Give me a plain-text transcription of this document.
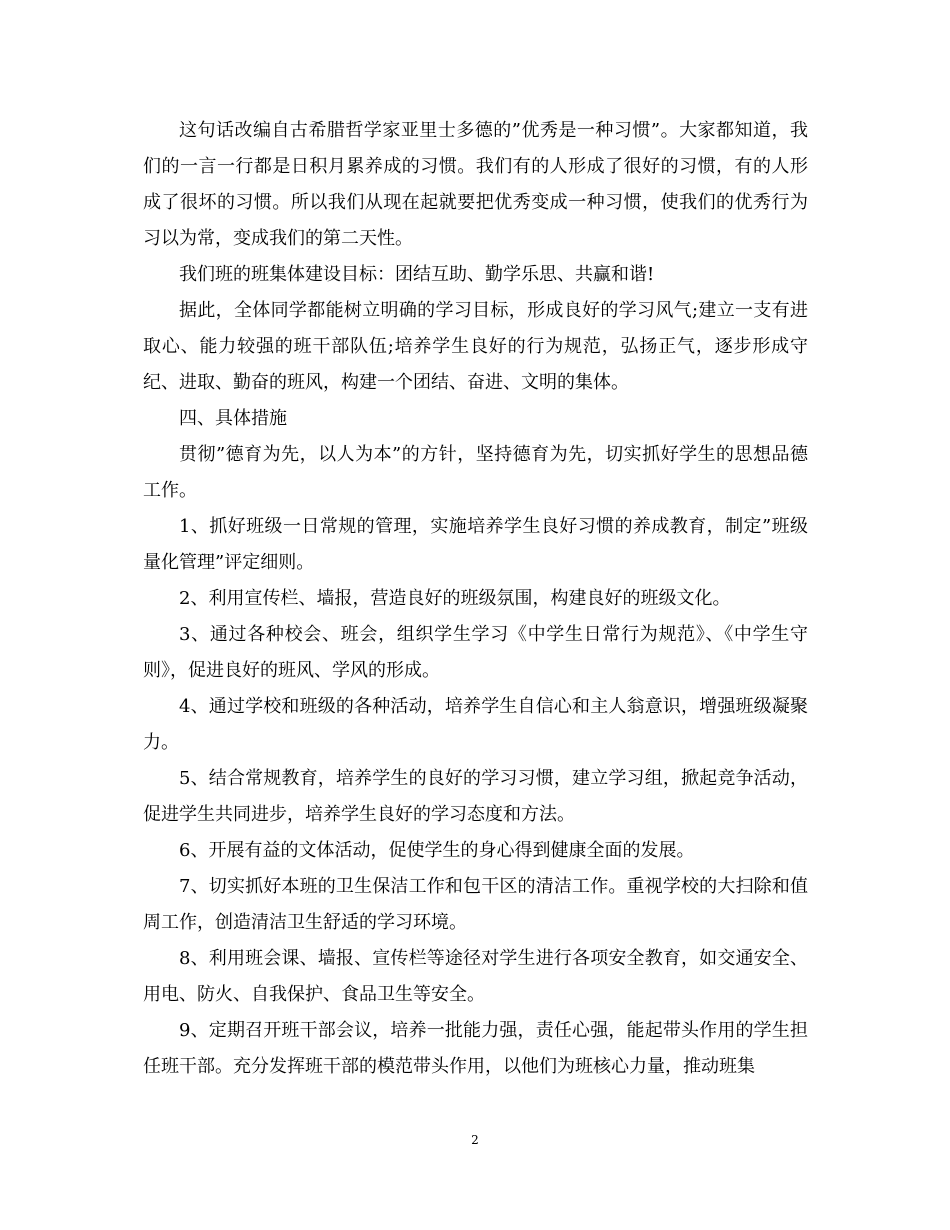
这句话改编自古希腊哲学家亚里士多德的”优秀是一种习惯”。大家都知道，我们的一言一行都是日积月累养成的习惯。我们有的人形成了很好的习惯，有的人形成了很坏的习惯。所以我们从现在起就要把优秀变成一种习惯，使我们的优秀行为习以为常，变成我们的第二天性。

我们班的班集体建设目标：团结互助、勤学乐思、共赢和谐!

据此，全体同学都能树立明确的学习目标，形成良好的学习风气;建立一支有进取心、能力较强的班干部队伍;培养学生良好的行为规范，弘扬正气，逐步形成守纪、进取、勤奋的班风，构建一个团结、奋进、文明的集体。

四、具体措施

贯彻”德育为先，以人为本”的方针，坚持德育为先，切实抓好学生的思想品德工作。

1、抓好班级一日常规的管理，实施培养学生良好习惯的养成教育，制定”班级量化管理”评定细则。

2、利用宣传栏、墙报，营造良好的班级氛围，构建良好的班级文化。

3、通过各种校会、班会，组织学生学习《中学生日常行为规范》、《中学生守则》，促进良好的班风、学风的形成。

4、通过学校和班级的各种活动，培养学生自信心和主人翁意识，增强班级凝聚力。

5、结合常规教育，培养学生的良好的学习习惯，建立学习组，掀起竞争活动，促进学生共同进步，培养学生良好的学习态度和方法。

6、开展有益的文体活动，促使学生的身心得到健康全面的发展。

7、切实抓好本班的卫生保洁工作和包干区的清洁工作。重视学校的大扫除和值周工作，创造清洁卫生舒适的学习环境。

8、利用班会课、墙报、宣传栏等途径对学生进行各项安全教育，如交通安全、用电、防火、自我保护、食品卫生等安全。

9、定期召开班干部会议，培养一批能力强，责任心强，能起带头作用的学生担任班干部。充分发挥班干部的模范带头作用，以他们为班核心力量，推动班集

2
